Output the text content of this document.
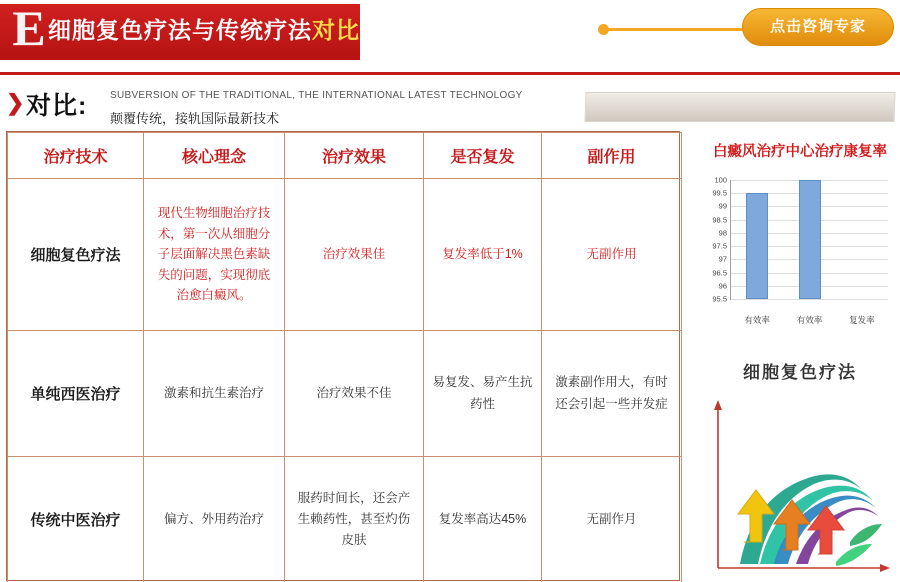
E 细胞复色疗法与传统疗法对比	点击咨询专家
❯ 对比: SUBVERSION OF THE TRADITIONAL, THE INTERNATIONAL LATEST TECHNOLOGY
颠覆传统，接轨国际最新技术
治疗技术	核心理念	治疗效果	是否复发	副作用
细胞复色疗法	现代生物细胞治疗技术，第一次从细胞分子层面解决黑色素缺失的问题，实现彻底治愈白癜风。	治疗效果佳	复发率低于1%	无副作用
单纯西医治疗	激素和抗生素治疗	治疗效果不佳	易复发、易产生抗药性	激素副作用大，有时还会引起一些并发症
传统中医治疗	偏方、外用药治疗	服药时间长，还会产生赖药性，甚至灼伤皮肤	复发率高达45%	无副作月
白癜风治疗中心治疗康复率
100
99.5
99
98.5
98
97.5
97
96.5
96
95.5
有效率	有效率	复发率
细胞复色疗法
